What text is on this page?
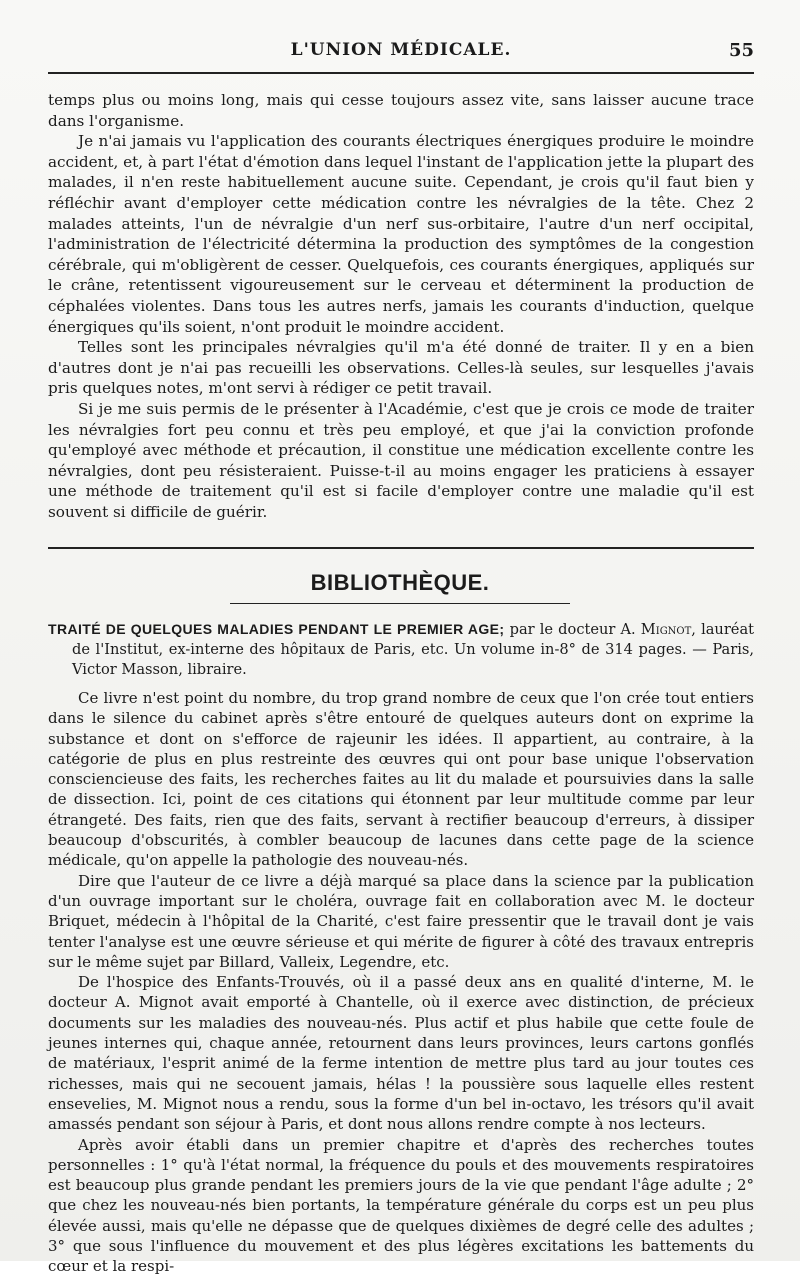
L'UNION MÉDICALE.	55

temps plus ou moins long, mais qui cesse toujours assez vite, sans laisser aucune trace dans l'organisme.

Je n'ai jamais vu l'application des courants électriques énergiques produire le moindre accident, et, à part l'état d'émotion dans lequel l'instant de l'application jette la plupart des malades, il n'en reste habituellement aucune suite. Cependant, je crois qu'il faut bien y réfléchir avant d'employer cette médication contre les névralgies de la tête. Chez 2 malades atteints, l'un de névralgie d'un nerf sus-orbitaire, l'autre d'un nerf occipital, l'administration de l'électricité détermina la production des symptômes de la congestion cérébrale, qui m'obligèrent de cesser. Quelquefois, ces courants énergiques, appliqués sur le crâne, retentissent vigoureusement sur le cerveau et déterminent la production de céphalées violentes. Dans tous les autres nerfs, jamais les courants d'induction, quelque énergiques qu'ils soient, n'ont produit le moindre accident.

Telles sont les principales névralgies qu'il m'a été donné de traiter. Il y en a bien d'autres dont je n'ai pas recueilli les observations. Celles-là seules, sur lesquelles j'avais pris quelques notes, m'ont servi à rédiger ce petit travail.

Si je me suis permis de le présenter à l'Académie, c'est que je crois ce mode de traiter les névralgies fort peu connu et très peu employé, et que j'ai la conviction profonde qu'employé avec méthode et précaution, il constitue une médication excellente contre les névralgies, dont peu résisteraient. Puisse-t-il au moins engager les praticiens à essayer une méthode de traitement qu'il est si facile d'employer contre une maladie qu'il est souvent si difficile de guérir.

BIBLIOTHÈQUE.
TRAITÉ DE QUELQUES MALADIES PENDANT LE PREMIER AGE; par le docteur A. Mignot, lauréat de l'Institut, ex-interne des hôpitaux de Paris, etc. Un volume in-8° de 314 pages. — Paris, Victor Masson, libraire.

Ce livre n'est point du nombre, du trop grand nombre de ceux que l'on crée tout entiers dans le silence du cabinet après s'être entouré de quelques auteurs dont on exprime la substance et dont on s'efforce de rajeunir les idées. Il appartient, au contraire, à la catégorie de plus en plus restreinte des œuvres qui ont pour base unique l'observation consciencieuse des faits, les recherches faites au lit du malade et poursuivies dans la salle de dissection. Ici, point de ces citations qui étonnent par leur multitude comme par leur étrangeté. Des faits, rien que des faits, servant à rectifier beaucoup d'erreurs, à dissiper beaucoup d'obscurités, à combler beaucoup de lacunes dans cette page de la science médicale, qu'on appelle la pathologie des nouveau-nés.

Dire que l'auteur de ce livre a déjà marqué sa place dans la science par la publication d'un ouvrage important sur le choléra, ouvrage fait en collaboration avec M. le docteur Briquet, médecin à l'hôpital de la Charité, c'est faire pressentir que le travail dont je vais tenter l'analyse est une œuvre sérieuse et qui mérite de figurer à côté des travaux entrepris sur le même sujet par Billard, Valleix, Legendre, etc.

De l'hospice des Enfants-Trouvés, où il a passé deux ans en qualité d'interne, M. le docteur A. Mignot avait emporté à Chantelle, où il exerce avec distinction, de précieux documents sur les maladies des nouveau-nés. Plus actif et plus habile que cette foule de jeunes internes qui, chaque année, retournent dans leurs provinces, leurs cartons gonflés de matériaux, l'esprit animé de la ferme intention de mettre plus tard au jour toutes ces richesses, mais qui ne secouent jamais, hélas ! la poussière sous laquelle elles restent ensevelies, M. Mignot nous a rendu, sous la forme d'un bel in-octavo, les trésors qu'il avait amassés pendant son séjour à Paris, et dont nous allons rendre compte à nos lecteurs.

Après avoir établi dans un premier chapitre et d'après des recherches toutes personnelles : 1° qu'à l'état normal, la fréquence du pouls et des mouvements respiratoires est beaucoup plus grande pendant les premiers jours de la vie que pendant l'âge adulte ; 2° que chez les nouveau-nés bien portants, la température générale du corps est un peu plus élevée aussi, mais qu'elle ne dépasse que de quelques dixièmes de degré celle des adultes ; 3° que sous l'influence du mouvement et des plus légères excitations les battements du cœur et la respi-
